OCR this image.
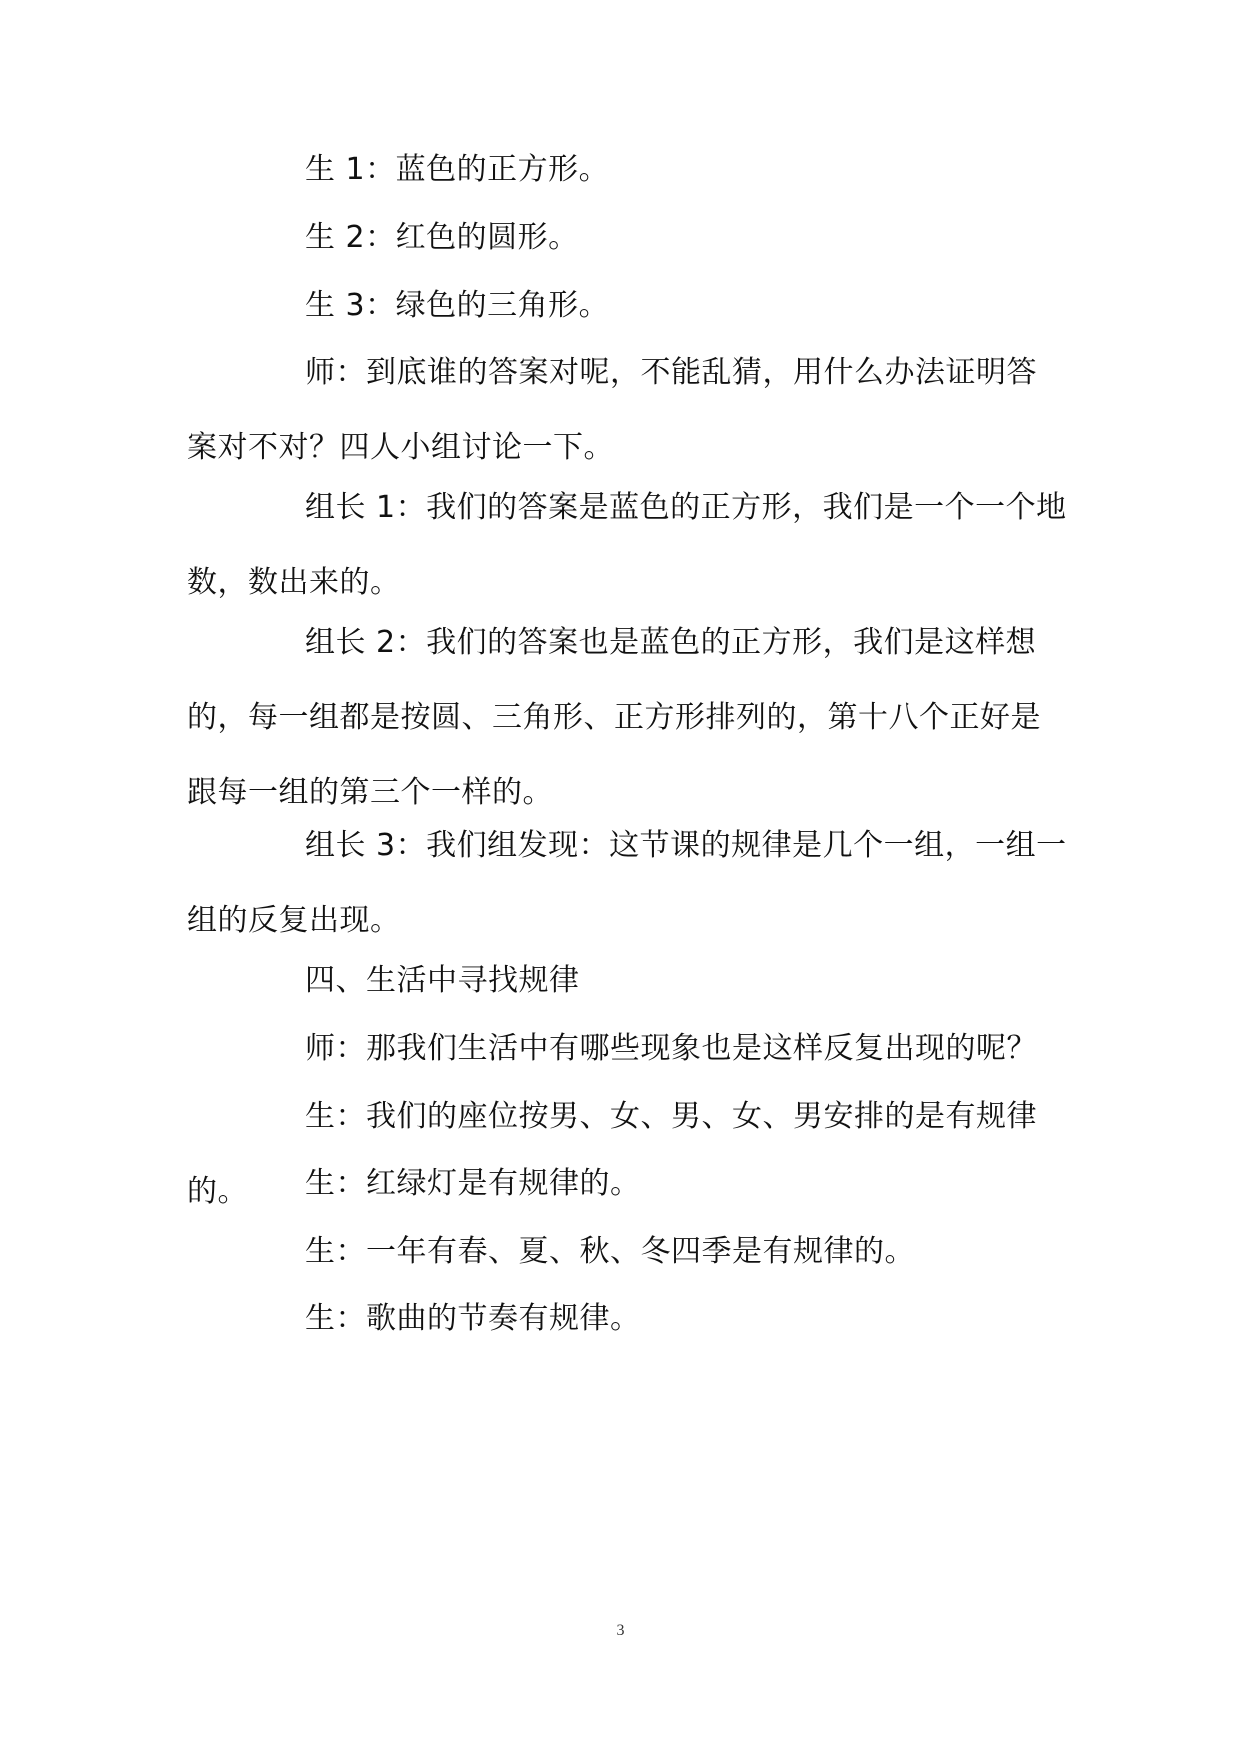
生 1：蓝色的正方形。

生 2：红色的圆形。

生 3：绿色的三角形。

师：到底谁的答案对呢，不能乱猜，用什么办法证明答案对不对？四人小组讨论一下。

组长 1：我们的答案是蓝色的正方形，我们是一个一个地数，数出来的。

组长 2：我们的答案也是蓝色的正方形，我们是这样想的，每一组都是按圆、三角形、正方形排列的，第十八个正好是跟每一组的第三个一样的。

组长 3：我们组发现：这节课的规律是几个一组，一组一组的反复出现。

四、生活中寻找规律

师：那我们生活中有哪些现象也是这样反复出现的呢？

生：我们的座位按男、女、男、女、男安排的是有规律的。	生：红绿灯是有规律的。

生：一年有春、夏、秋、冬四季是有规律的。

生：歌曲的节奏有规律。

3
